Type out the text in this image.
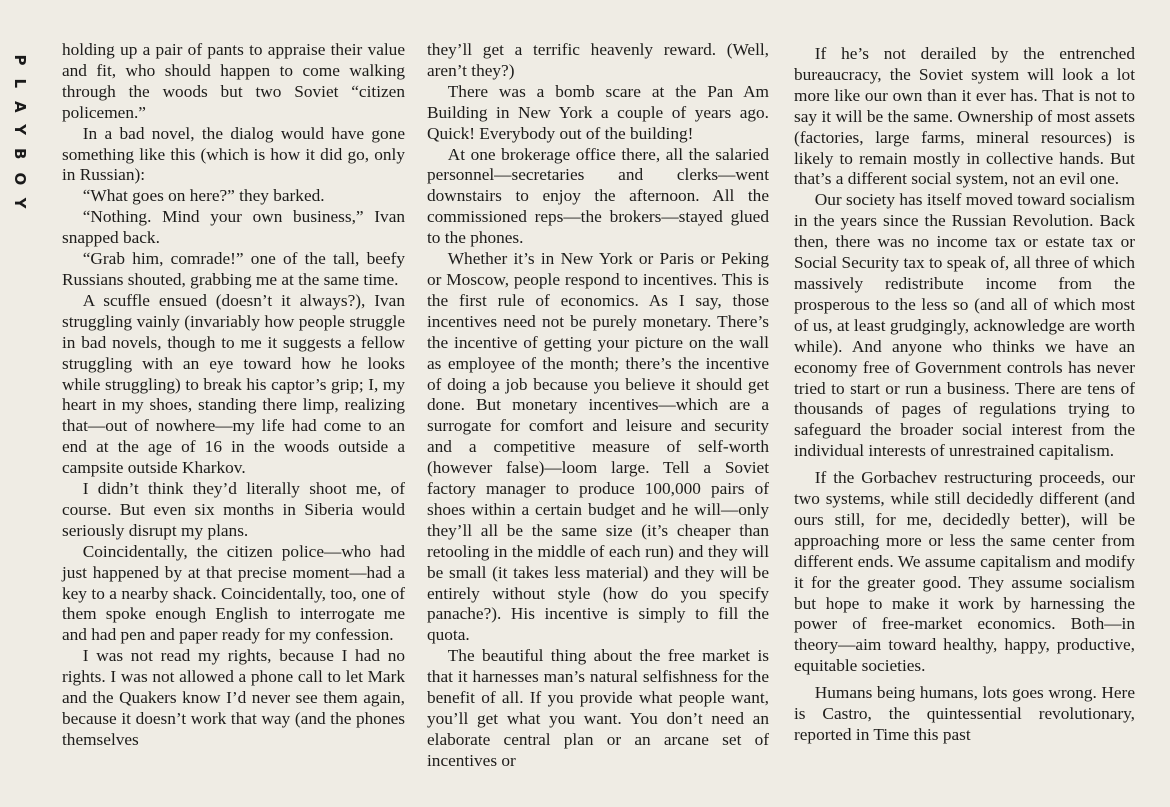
PLAYBOY

holding up a pair of pants to appraise their value and fit, who should happen to come walking through the woods but two Soviet “citizen policemen.”

In a bad novel, the dialog would have gone something like this (which is how it did go, only in Russian):

“What goes on here?” they barked.

“Nothing. Mind your own business,” Ivan snapped back.

“Grab him, comrade!” one of the tall, beefy Russians shouted, grabbing me at the same time.

A scuffle ensued (doesn’t it always?), Ivan struggling vainly (invariably how people struggle in bad novels, though to me it suggests a fellow struggling with an eye toward how he looks while struggling) to break his captor’s grip; I, my heart in my shoes, standing there limp, realizing that—out of nowhere—my life had come to an end at the age of 16 in the woods outside a campsite outside Kharkov.

I didn’t think they’d literally shoot me, of course. But even six months in Siberia would seriously disrupt my plans.

Coincidentally, the citizen police—who had just happened by at that precise moment—had a key to a nearby shack. Coincidentally, too, one of them spoke enough English to interrogate me and had pen and paper ready for my confession.

I was not read my rights, because I had no rights. I was not allowed a phone call to let Mark and the Quakers know I’d never see them again, because it doesn’t work that way (and the phones themselves

they’ll get a terrific heavenly reward. (Well, aren’t they?)

There was a bomb scare at the Pan Am Building in New York a couple of years ago. Quick! Everybody out of the building!

At one brokerage office there, all the salaried personnel—secretaries and clerks—went downstairs to enjoy the afternoon. All the commissioned reps—the brokers—stayed glued to the phones.

Whether it’s in New York or Paris or Peking or Moscow, people respond to incentives. This is the first rule of economics. As I say, those incentives need not be purely monetary. There’s the incentive of getting your picture on the wall as employee of the month; there’s the incentive of doing a job because you believe it should get done. But monetary incentives—which are a surrogate for comfort and leisure and security and a competitive measure of self-worth (however false)—loom large. Tell a Soviet factory manager to produce 100,000 pairs of shoes within a certain budget and he will—only they’ll all be the same size (it’s cheaper than retooling in the middle of each run) and they will be small (it takes less material) and they will be entirely without style (how do you specify panache?). His incentive is simply to fill the quota.

The beautiful thing about the free market is that it harnesses man’s natural selfishness for the benefit of all. If you provide what people want, you’ll get what you want. You don’t need an elaborate central plan or an arcane set of incentives or

If he’s not derailed by the entrenched bureaucracy, the Soviet system will look a lot more like our own than it ever has. That is not to say it will be the same. Ownership of most assets (factories, large farms, mineral resources) is likely to remain mostly in collective hands. But that’s a different social system, not an evil one.

Our society has itself moved toward socialism in the years since the Russian Revolution. Back then, there was no income tax or estate tax or Social Security tax to speak of, all three of which massively redistribute income from the prosperous to the less so (and all of which most of us, at least grudgingly, acknowledge are worth while). And anyone who thinks we have an economy free of Government controls has never tried to start or run a business. There are tens of thousands of pages of regulations trying to safeguard the broader social interest from the individual interests of unrestrained capitalism.

If the Gorbachev restructuring proceeds, our two systems, while still decidedly different (and ours still, for me, decidedly better), will be approaching more or less the same center from different ends. We assume capitalism and modify it for the greater good. They assume socialism but hope to make it work by harnessing the power of free-market economics. Both—in theory—aim toward healthy, happy, productive, equitable societies.

Humans being humans, lots goes wrong. Here is Castro, the quintessential revolutionary, reported in Time this past
